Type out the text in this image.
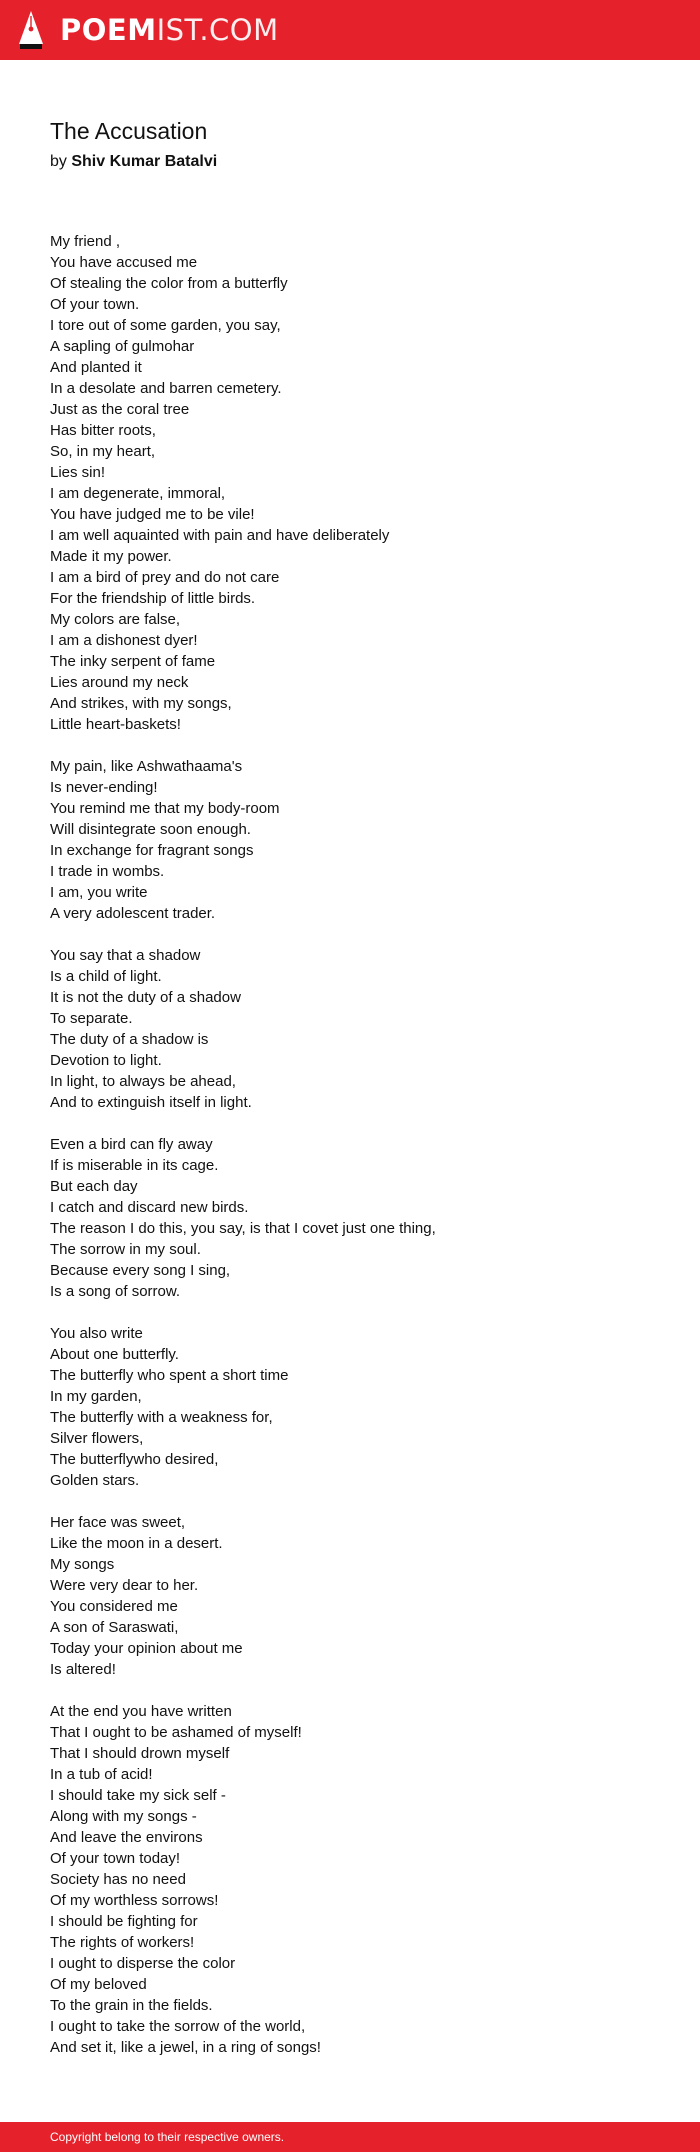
POEMIST.COM
The Accusation

by Shiv Kumar Batalvi

My friend ,
You have accused me
Of stealing the color from a butterfly
Of your town.
I tore out of some garden, you say,
A sapling of gulmohar
And planted it
In a desolate and barren cemetery.
Just as the coral tree
Has bitter roots,
So, in my heart,
Lies sin!
I am degenerate, immoral,
You have judged me to be vile!
I am well aquainted with pain and have deliberately
Made it my power.
I am a bird of prey and do not care
For the friendship of little birds.
My colors are false,
I am a dishonest dyer!
The inky serpent of fame
Lies around my neck
And strikes, with my songs,
Little heart-baskets!
My pain, like Ashwathaama's
Is never-ending!
You remind me that my body-room
Will disintegrate soon enough.
In exchange for fragrant songs
I trade in wombs.
I am, you write
A very adolescent trader.
You say that a shadow
Is a child of light.
It is not the duty of a shadow
To separate.
The duty of a shadow is
Devotion to light.
In light, to always be ahead,
And to extinguish itself in light.
Even a bird can fly away
If is miserable in its cage.
But each day
I catch and discard new birds.
The reason I do this, you say, is that I covet just one thing,
The sorrow in my soul.
Because every song I sing,
Is a song of sorrow.
You also write
About one butterfly.
The butterfly who spent a short time
In my garden,
The butterfly with a weakness for,
Silver flowers,
The butterflywho desired,
Golden stars.
Her face was sweet,
Like the moon in a desert.
My songs
Were very dear to her.
You considered me
A son of Saraswati,
Today your opinion about me
Is altered!
At the end you have written
That I ought to be ashamed of myself!
That I should drown myself
In a tub of acid!
I should take my sick self -
Along with my songs -
And leave the environs
Of your town today!
Society has no need
Of my worthless sorrows!
I should be fighting for
The rights of workers!
I ought to disperse the color
Of my beloved
To the grain in the fields.
I ought to take the sorrow of the world,
And set it, like a jewel, in a ring of songs!
Copyright belong to their respective owners.
